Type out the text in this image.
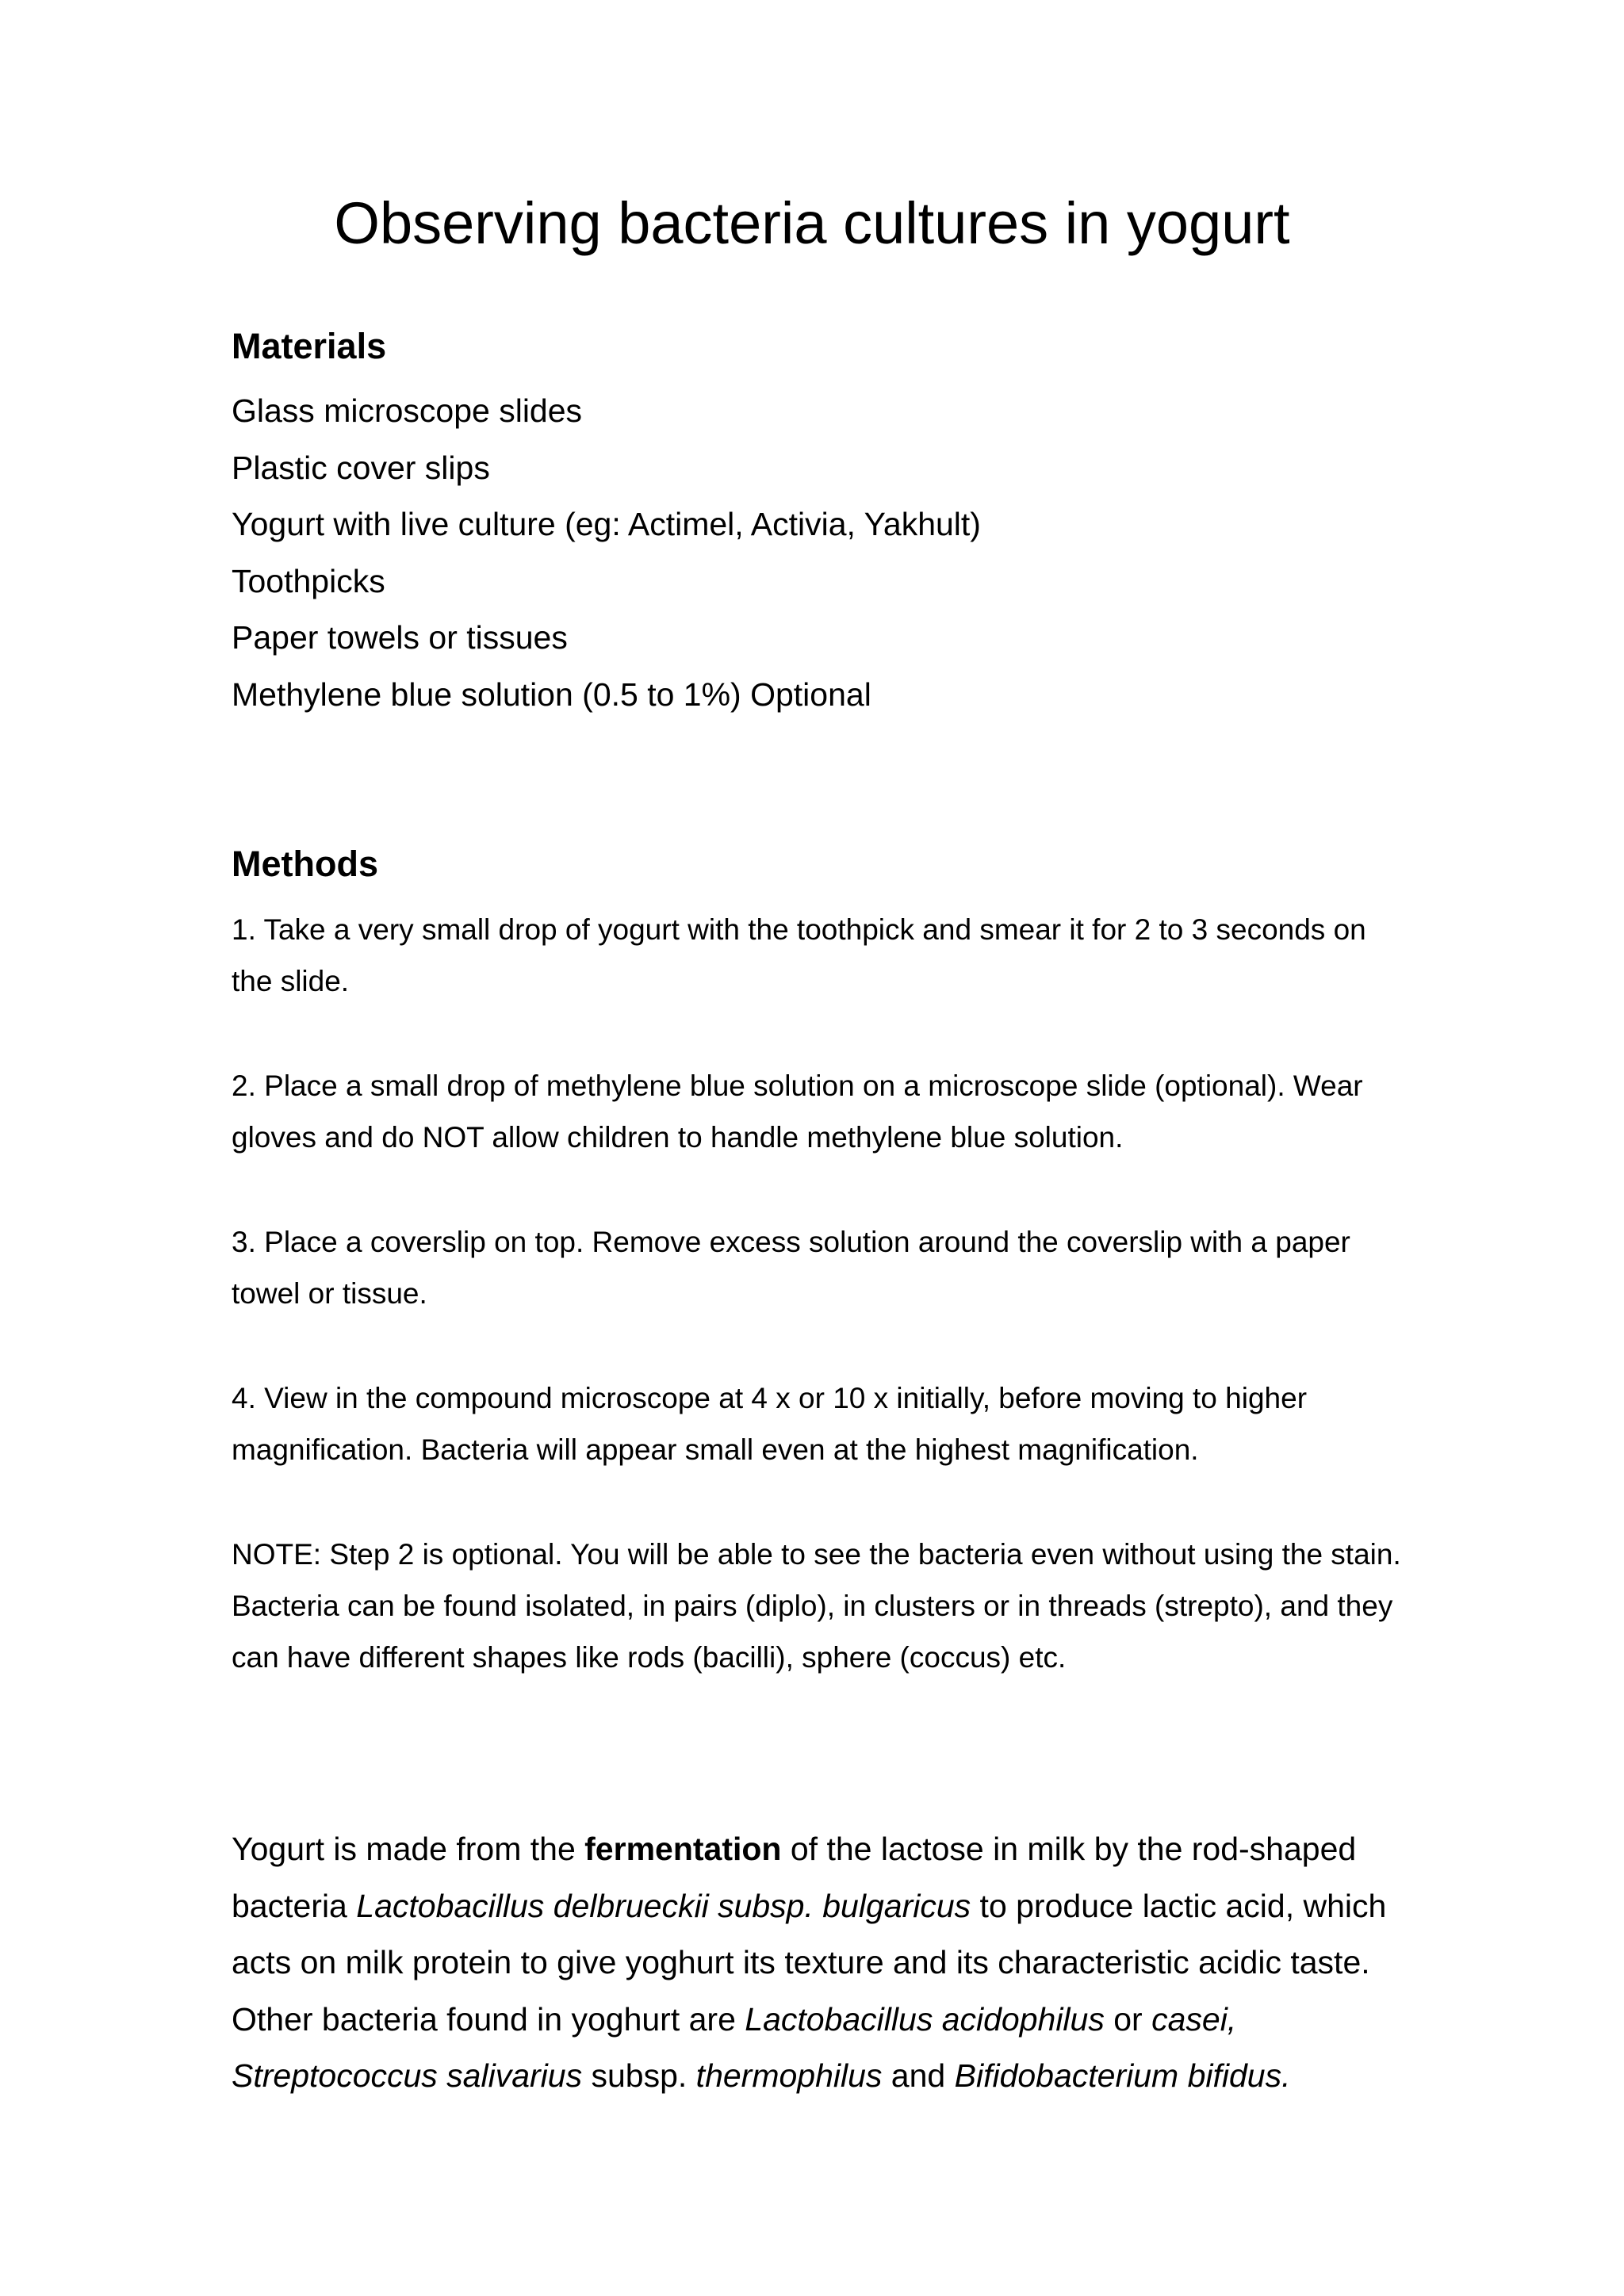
Observing bacteria cultures in yogurt
Materials
Glass microscope slides
Plastic cover slips
Yogurt with live culture (eg: Actimel, Activia, Yakhult)
Toothpicks
Paper towels or tissues
Methylene blue solution (0.5 to 1%) Optional
Methods

1. Take a very small drop of yogurt with the toothpick and smear it for 2 to 3 seconds on the slide.

2. Place a small drop of methylene blue solution on a microscope slide (optional). Wear gloves and do NOT allow children to handle methylene blue solution.

3. Place a coverslip on top. Remove excess solution around the coverslip with a paper towel or tissue.

4. View in the compound microscope at 4 x or 10 x initially, before moving to higher magnification. Bacteria will appear small even at the highest magnification.

NOTE: Step 2 is optional. You will be able to see the bacteria even without using the stain.

Bacteria can be found isolated, in pairs (diplo), in clusters or in threads (strepto), and they can have different shapes like rods (bacilli), sphere (coccus) etc.

Yogurt is made from the fermentation of the lactose in milk by the rod-shaped bacteria Lactobacillus delbrueckii subsp. bulgaricus to produce lactic acid, which acts on milk protein to give yoghurt its texture and its characteristic acidic taste. Other bacteria found in yoghurt are Lactobacillus acidophilus or casei, Streptococcus salivarius subsp. thermophilus and Bifidobacterium bifidus.
